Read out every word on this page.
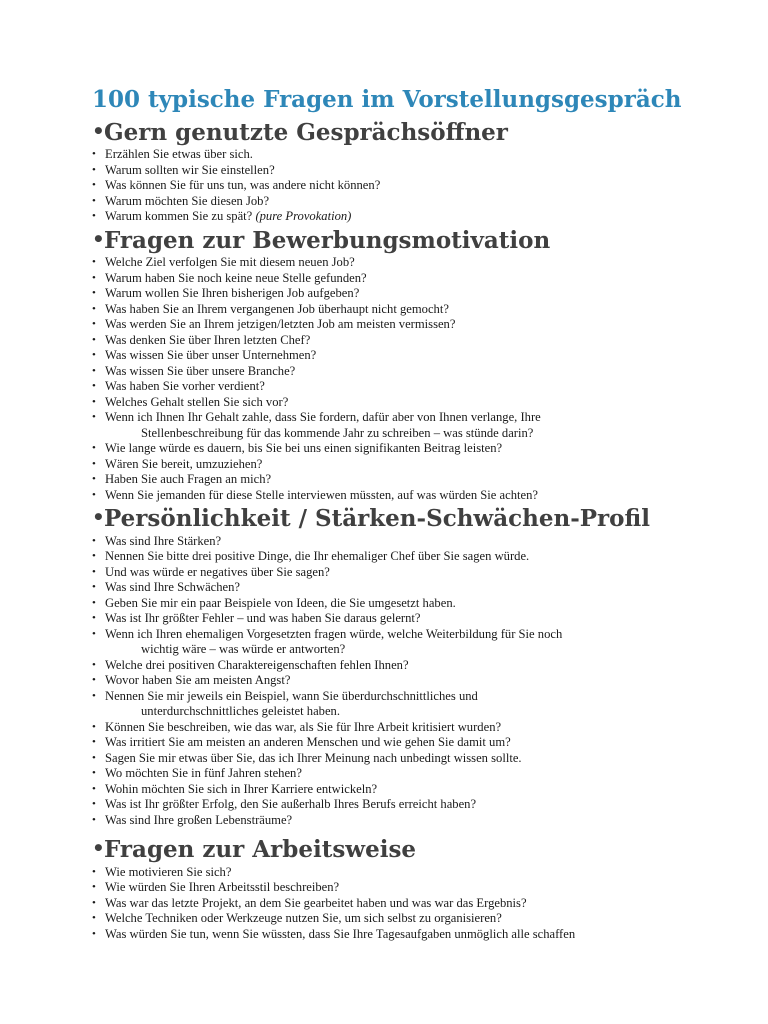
100 typische Fragen im Vorstellungsgespräch
• Gern genutzte Gesprächsöffner
• Erzählen Sie etwas über sich.
• Warum sollten wir Sie einstellen?
• Was können Sie für uns tun, was andere nicht können?
• Warum möchten Sie diesen Job?
• Warum kommen Sie zu spät? (pure Provokation)
• Fragen zur Bewerbungsmotivation
• Welche Ziel verfolgen Sie mit diesem neuen Job?
• Warum haben Sie noch keine neue Stelle gefunden?
• Warum wollen Sie Ihren bisherigen Job aufgeben?
• Was haben Sie an Ihrem vergangenen Job überhaupt nicht gemocht?
• Was werden Sie an Ihrem jetzigen/letzten Job am meisten vermissen?
• Was denken Sie über Ihren letzten Chef?
• Was wissen Sie über unser Unternehmen?
• Was wissen Sie über unsere Branche?
• Was haben Sie vorher verdient?
• Welches Gehalt stellen Sie sich vor?
• Wenn ich Ihnen Ihr Gehalt zahle, dass Sie fordern, dafür aber von Ihnen verlange, Ihre
Stellenbeschreibung für das kommende Jahr zu schreiben – was stünde darin?
• Wie lange würde es dauern, bis Sie bei uns einen signifikanten Beitrag leisten?
• Wären Sie bereit, umzuziehen?
• Haben Sie auch Fragen an mich?
• Wenn Sie jemanden für diese Stelle interviewen müssten, auf was würden Sie achten?
• Persönlichkeit / Stärken-Schwächen-Profil
• Was sind Ihre Stärken?
• Nennen Sie bitte drei positive Dinge, die Ihr ehemaliger Chef über Sie sagen würde.
• Und was würde er negatives über Sie sagen?
• Was sind Ihre Schwächen?
• Geben Sie mir ein paar Beispiele von Ideen, die Sie umgesetzt haben.
• Was ist Ihr größter Fehler – und was haben Sie daraus gelernt?
• Wenn ich Ihren ehemaligen Vorgesetzten fragen würde, welche Weiterbildung für Sie noch
wichtig wäre – was würde er antworten?
• Welche drei positiven Charaktereigenschaften fehlen Ihnen?
• Wovor haben Sie am meisten Angst?
• Nennen Sie mir jeweils ein Beispiel, wann Sie überdurchschnittliches und
unterdurchschnittliches geleistet haben.
• Können Sie beschreiben, wie das war, als Sie für Ihre Arbeit kritisiert wurden?
• Was irritiert Sie am meisten an anderen Menschen und wie gehen Sie damit um?
• Sagen Sie mir etwas über Sie, das ich Ihrer Meinung nach unbedingt wissen sollte.
• Wo möchten Sie in fünf Jahren stehen?
• Wohin möchten Sie sich in Ihrer Karriere entwickeln?
• Was ist Ihr größter Erfolg, den Sie außerhalb Ihres Berufs erreicht haben?
• Was sind Ihre großen Lebensträume?
• Fragen zur Arbeitsweise
• Wie motivieren Sie sich?
• Wie würden Sie Ihren Arbeitsstil beschreiben?
• Was war das letzte Projekt, an dem Sie gearbeitet haben und was war das Ergebnis?
• Welche Techniken oder Werkzeuge nutzen Sie, um sich selbst zu organisieren?
• Was würden Sie tun, wenn Sie wüssten, dass Sie Ihre Tagesaufgaben unmöglich alle schaffen
